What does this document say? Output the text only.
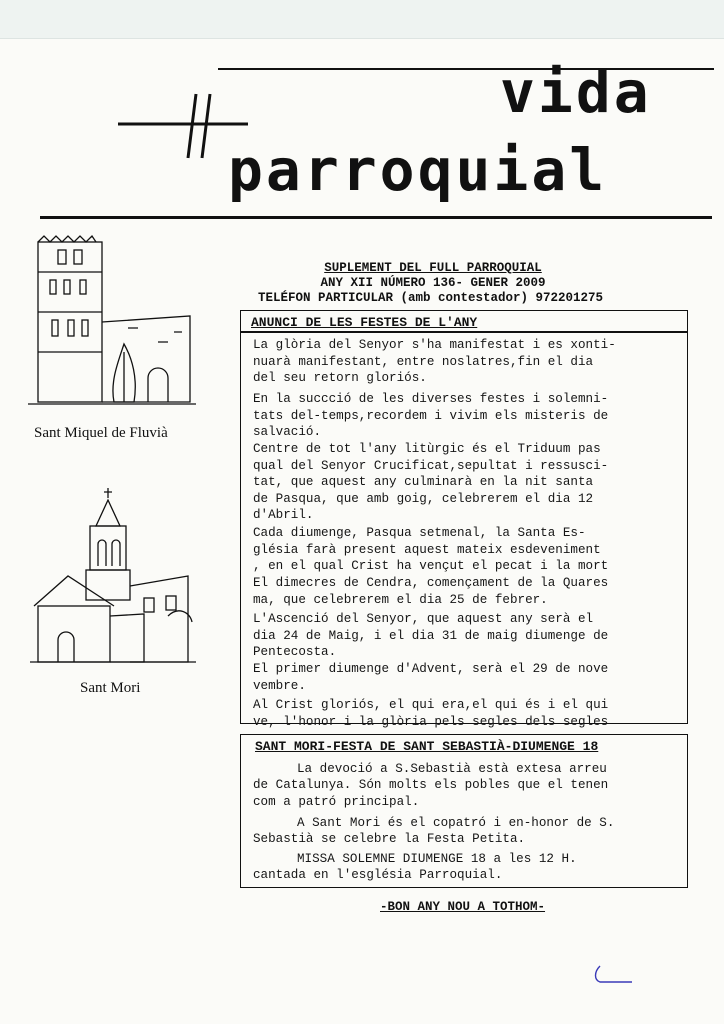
vida
parroquial
Sant Miquel de Fluvià
Sant Mori
SUPLEMENT DEL FULL PARROQUIAL
ANY XII NÚMERO 136- GENER 2009
TELÉFON PARTICULAR (amb contestador) 972201275
ANUNCI DE LES FESTES DE L'ANY
La glòria del Senyor s'ha manifestat i es xonti-
nuarà manifestant, entre noslatres,fin el dia
del seu retorn gloriós.
En la succció de les diverses festes i solemni-
tats del-temps,recordem i vivim els misteris de
salvació.
Centre de tot l'any litùrgic és el Triduum pas
qual del Senyor Crucificat,sepultat i ressusci-
tat, que aquest any culminarà en la nit santa
de Pasqua, que amb goig, celebrerem el dia 12
d'Abril.
Cada diumenge, Pasqua setmenal, la Santa Es-
glésia farà present aquest mateix esdeveniment
, en el qual Crist ha vençut el pecat i la mort
El dimecres de Cendra, començament de la Quares
ma, que celebrerem el dia 25 de febrer.
L'Ascenció del Senyor, que aquest any serà el
dia 24 de Maig, i el dia 31 de maig diumenge de
Pentecosta.
El primer diumenge d'Advent, serà el 29 de nove
vembre.
Al Crist gloriós, el qui era,el qui és i el qui
ve, l'honor i la glòria pels segles dels segles
SANT MORI-FESTA DE SANT SEBASTIÀ-DIUMENGE 18
La devoció a S.Sebastià està extesa arreu
de Catalunya. Són molts els pobles que el tenen
com a patró principal.
A Sant Mori és el copatró i en-honor de S.
Sebastià se celebre la Festa Petita.
MISSA SOLEMNE DIUMENGE 18 a les 12 H.
cantada en l'església Parroquial.
-BON ANY NOU A TOTHOM-
